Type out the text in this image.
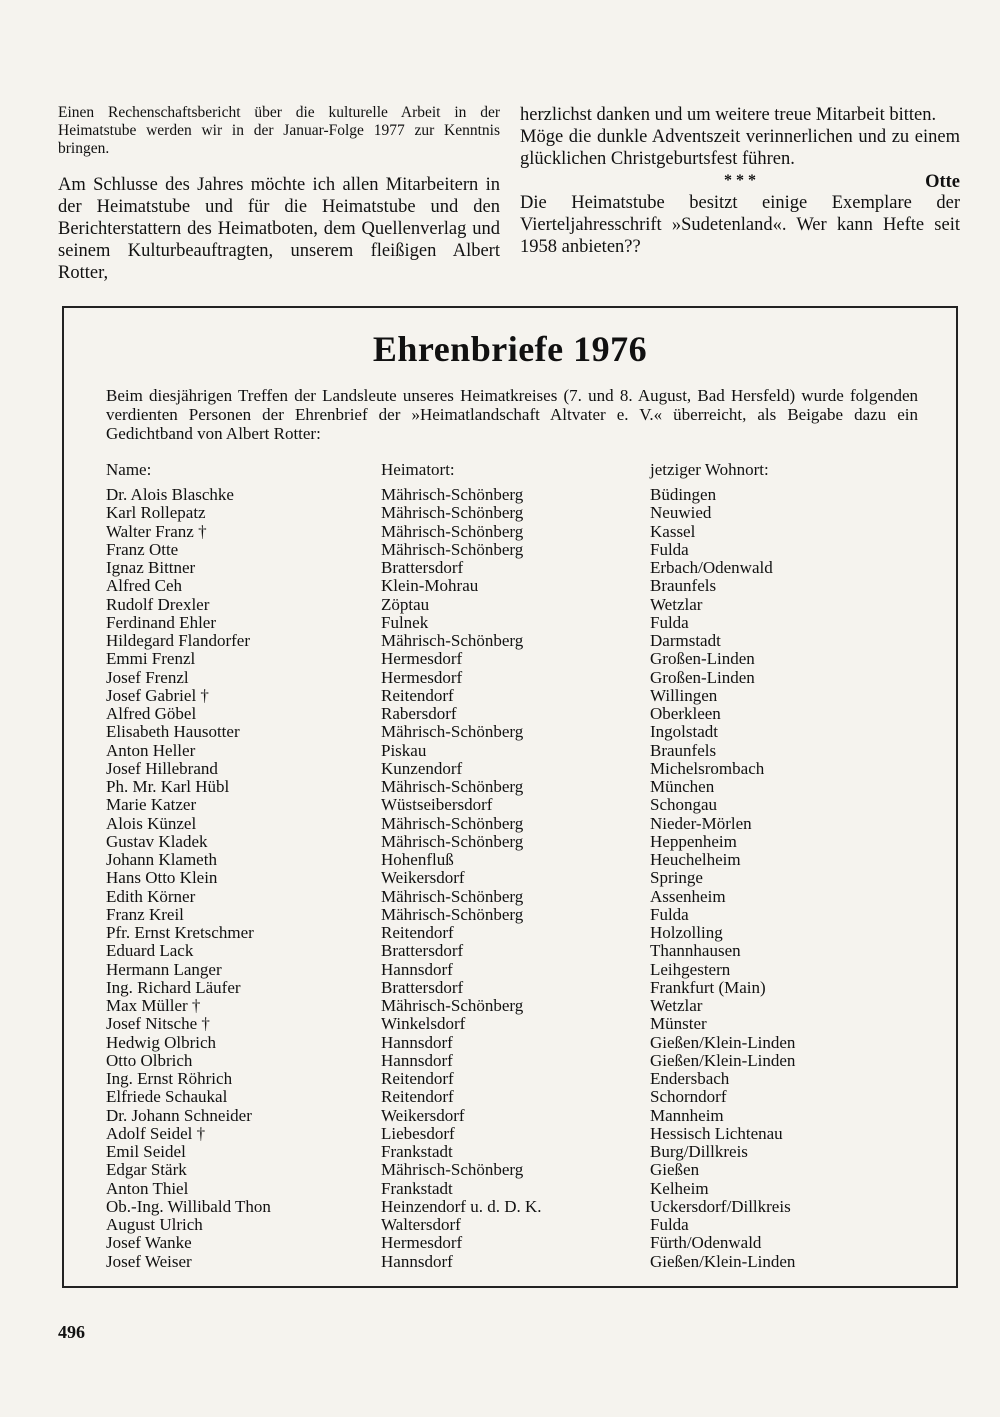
Einen Rechenschaftsbericht über die kulturelle Arbeit in der Heimatstube werden wir in der Januar-Folge 1977 zur Kenntnis bringen.

Am Schlusse des Jahres möchte ich allen Mitarbeitern in der Heimatstube und für die Heimatstube und den Berichterstattern des Heimatboten, dem Quellenverlag und seinem Kulturbeauftragten, unserem fleißigen Albert Rotter,

herzlichst danken und um weitere treue Mitarbeit bitten.

Möge die dunkle Adventszeit verinnerlichen und zu einem glücklichen Christgeburtsfest führen.

* * *	Otte

Die Heimatstube besitzt einige Exemplare der Vierteljahresschrift »Sudetenland«. Wer kann Hefte seit 1958 anbieten??

Ehrenbriefe 1976

Beim diesjährigen Treffen der Landsleute unseres Heimatkreises (7. und 8. August, Bad Hersfeld) wurde folgenden verdienten Personen der Ehrenbrief der »Heimatlandschaft Altvater e. V.« überreicht, als Beigabe dazu ein Gedichtband von Albert Rotter:

Name:	Heimatort:	jetziger Wohnort:
Dr. Alois Blaschke	Mährisch-Schönberg	Büdingen
Karl Rollepatz	Mährisch-Schönberg	Neuwied
Walter Franz †	Mährisch-Schönberg	Kassel
Franz Otte	Mährisch-Schönberg	Fulda
Ignaz Bittner	Brattersdorf	Erbach/Odenwald
Alfred Ceh	Klein-Mohrau	Braunfels
Rudolf Drexler	Zöptau	Wetzlar
Ferdinand Ehler	Fulnek	Fulda
Hildegard Flandorfer	Mährisch-Schönberg	Darmstadt
Emmi Frenzl	Hermesdorf	Großen-Linden
Josef Frenzl	Hermesdorf	Großen-Linden
Josef Gabriel †	Reitendorf	Willingen
Alfred Göbel	Rabersdorf	Oberkleen
Elisabeth Hausotter	Mährisch-Schönberg	Ingolstadt
Anton Heller	Piskau	Braunfels
Josef Hillebrand	Kunzendorf	Michelsrombach
Ph. Mr. Karl Hübl	Mährisch-Schönberg	München
Marie Katzer	Wüstseibersdorf	Schongau
Alois Künzel	Mährisch-Schönberg	Nieder-Mörlen
Gustav Kladek	Mährisch-Schönberg	Heppenheim
Johann Klameth	Hohenfluß	Heuchelheim
Hans Otto Klein	Weikersdorf	Springe
Edith Körner	Mährisch-Schönberg	Assenheim
Franz Kreil	Mährisch-Schönberg	Fulda
Pfr. Ernst Kretschmer	Reitendorf	Holzolling
Eduard Lack	Brattersdorf	Thannhausen
Hermann Langer	Hannsdorf	Leihgestern
Ing. Richard Läufer	Brattersdorf	Frankfurt (Main)
Max Müller †	Mährisch-Schönberg	Wetzlar
Josef Nitsche †	Winkelsdorf	Münster
Hedwig Olbrich	Hannsdorf	Gießen/Klein-Linden
Otto Olbrich	Hannsdorf	Gießen/Klein-Linden
Ing. Ernst Röhrich	Reitendorf	Endersbach
Elfriede Schaukal	Reitendorf	Schorndorf
Dr. Johann Schneider	Weikersdorf	Mannheim
Adolf Seidel †	Liebesdorf	Hessisch Lichtenau
Emil Seidel	Frankstadt	Burg/Dillkreis
Edgar Stärk	Mährisch-Schönberg	Gießen
Anton Thiel	Frankstadt	Kelheim
Ob.-Ing. Willibald Thon	Heinzendorf u. d. D. K.	Uckersdorf/Dillkreis
August Ulrich	Waltersdorf	Fulda
Josef Wanke	Hermesdorf	Fürth/Odenwald
Josef Weiser	Hannsdorf	Gießen/Klein-Linden
496
